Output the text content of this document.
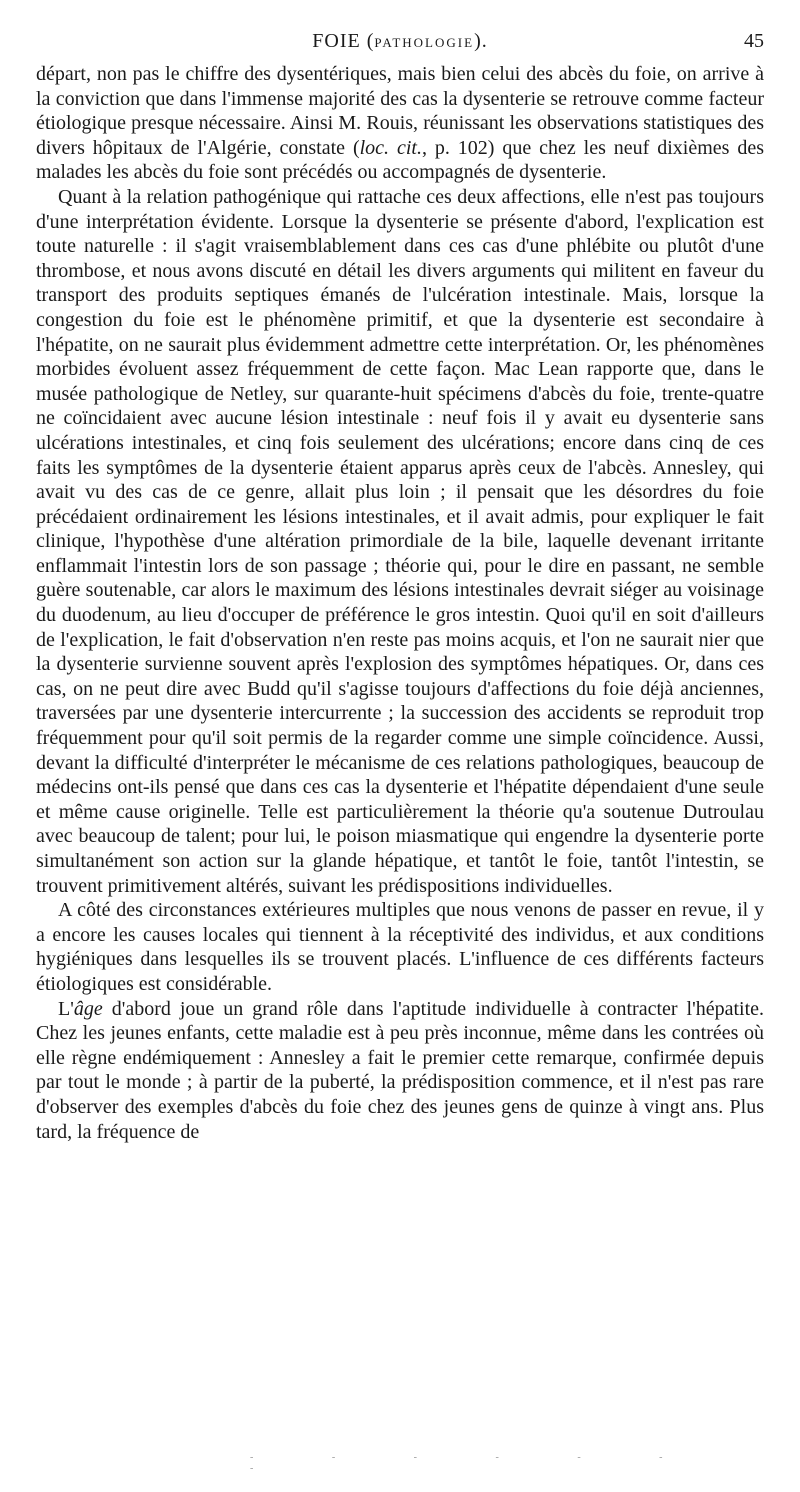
FOIE (PATHOLOGIE).	45

départ, non pas le chiffre des dysentériques, mais bien celui des abcès du foie, on arrive à la conviction que dans l'immense majorité des cas la dysenterie se retrouve comme facteur étiologique presque nécessaire. Ainsi M. Rouis, réunissant les observations statistiques des divers hôpitaux de l'Algérie, constate (loc. cit., p. 102) que chez les neuf dixièmes des malades les abcès du foie sont précédés ou accompagnés de dysenterie.

Quant à la relation pathogénique qui rattache ces deux affections, elle n'est pas toujours d'une interprétation évidente. Lorsque la dysenterie se présente d'abord, l'explication est toute naturelle : il s'agit vraisemblablement dans ces cas d'une phlébite ou plutôt d'une thrombose, et nous avons discuté en détail les divers arguments qui militent en faveur du transport des produits septiques émanés de l'ulcération intestinale. Mais, lorsque la congestion du foie est le phénomène primitif, et que la dysenterie est secondaire à l'hépatite, on ne saurait plus évidemment admettre cette interprétation. Or, les phénomènes morbides évoluent assez fréquemment de cette façon. Mac Lean rapporte que, dans le musée pathologique de Netley, sur quarante-huit spécimens d'abcès du foie, trente-quatre ne coïncidaient avec aucune lésion intestinale : neuf fois il y avait eu dysenterie sans ulcérations intestinales, et cinq fois seulement des ulcérations; encore dans cinq de ces faits les symptômes de la dysenterie étaient apparus après ceux de l'abcès. Annesley, qui avait vu des cas de ce genre, allait plus loin ; il pensait que les désordres du foie précédaient ordinairement les lésions intestinales, et il avait admis, pour expliquer le fait clinique, l'hypothèse d'une altération primordiale de la bile, laquelle devenant irritante enflammait l'intestin lors de son passage ; théorie qui, pour le dire en passant, ne semble guère soutenable, car alors le maximum des lésions intestinales devrait siéger au voisinage du duodenum, au lieu d'occuper de préférence le gros intestin. Quoi qu'il en soit d'ailleurs de l'explication, le fait d'observation n'en reste pas moins acquis, et l'on ne saurait nier que la dysenterie survienne souvent après l'explosion des symptômes hépatiques. Or, dans ces cas, on ne peut dire avec Budd qu'il s'agisse toujours d'affections du foie déjà anciennes, traversées par une dysenterie intercurrente ; la succession des accidents se reproduit trop fréquemment pour qu'il soit permis de la regarder comme une simple coïncidence. Aussi, devant la difficulté d'interpréter le mécanisme de ces relations pathologiques, beaucoup de médecins ont-ils pensé que dans ces cas la dysenterie et l'hépatite dépendaient d'une seule et même cause originelle. Telle est particulièrement la théorie qu'a soutenue Dutroulau avec beaucoup de talent; pour lui, le poison miasmatique qui engendre la dysenterie porte simultanément son action sur la glande hépatique, et tantôt le foie, tantôt l'intestin, se trouvent primitivement altérés, suivant les prédispositions individuelles.

A côté des circonstances extérieures multiples que nous venons de passer en revue, il y a encore les causes locales qui tiennent à la réceptivité des individus, et aux conditions hygiéniques dans lesquelles ils se trouvent placés. L'influence de ces différents facteurs étiologiques est considérable.

L'âge d'abord joue un grand rôle dans l'aptitude individuelle à contracter l'hépatite. Chez les jeunes enfants, cette maladie est à peu près inconnue, même dans les contrées où elle règne endémiquement : Annesley a fait le premier cette remarque, confirmée depuis par tout le monde ; à partir de la puberté, la prédisposition commence, et il n'est pas rare d'observer des exemples d'abcès du foie chez des jeunes gens de quinze à vingt ans. Plus tard, la fréquence de

- - - - - - -
